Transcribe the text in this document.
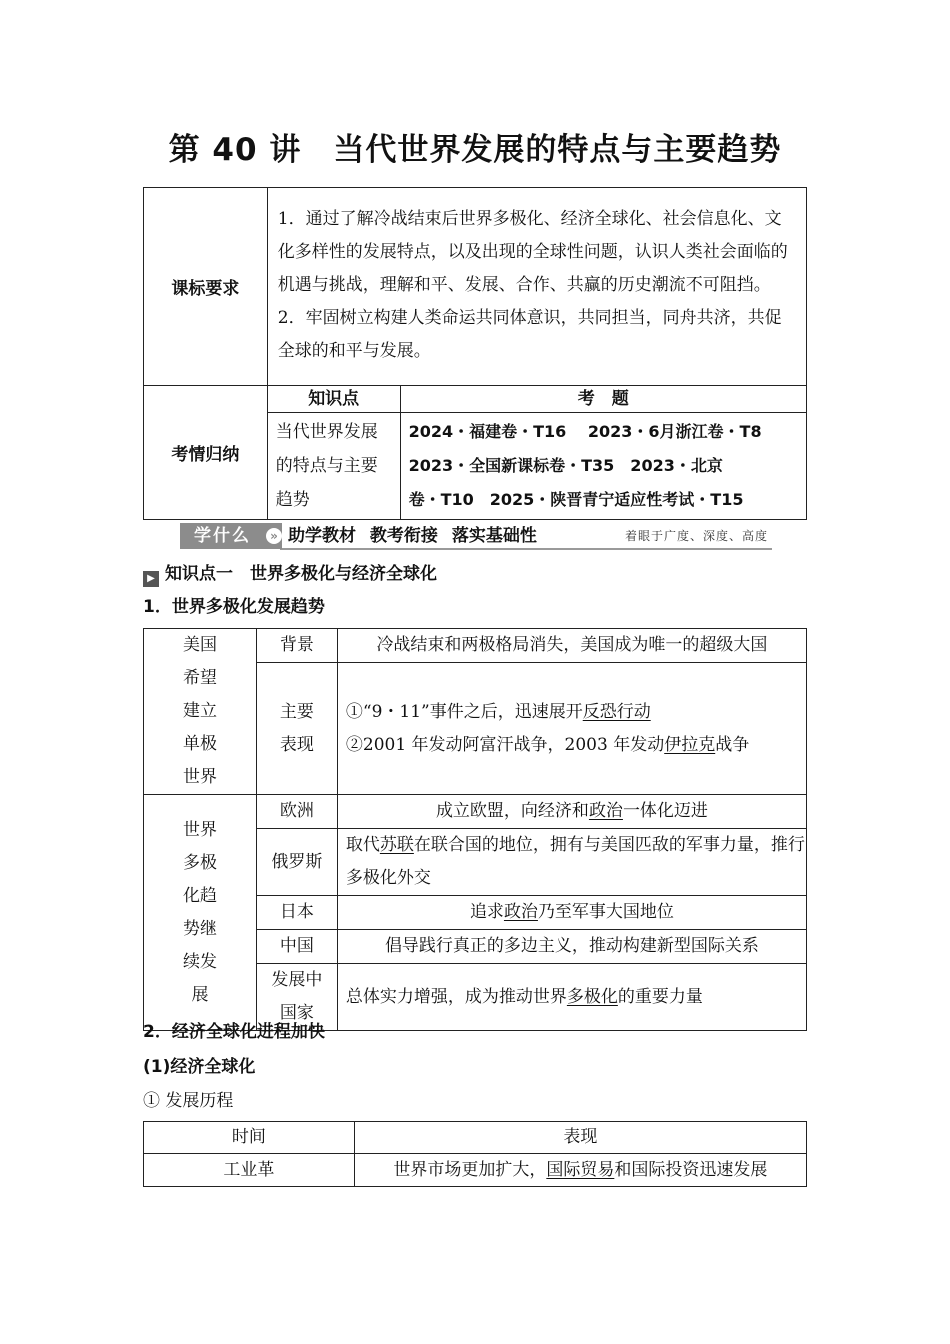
第 40 讲　当代世界发展的特点与主要趋势
课标要求	1．通过了解冷战结束后世界多极化、经济全球化、社会信息化、文化多样性的发展特点，以及出现的全球性问题，认识人类社会面临的机遇与挑战，理解和平、发展、合作、共赢的历史潮流不可阻挡。
2．牢固树立构建人类命运共同体意识，共同担当，同舟共济，共促全球的和平与发展。	

考情归纳	知识点	考　题
	当代世界发展的特点与主要趋势	2024・福建卷・T16　 2023・6月浙江卷・T8
2023・全国新课标卷・T35　2023・北京
卷・T10　2025・陕晋青宁适应性考试・T15
学什么	» 助学教材 教考衔接 落实基础性	着眼于广度、深度、高度
▶ 知识点一　世界多极化与经济全球化
1．世界多极化发展趋势
美国希望建立单极世界	背景	冷战结束和两极格局消失，美国成为唯一的超级大国
	主要表现	①“9・11”事件之后，迅速展开反恐行动
②2001 年发动阿富汗战争，2003 年发动伊拉克战争

世界多极化趋势继续发展	欧洲	成立欧盟，向经济和政治一体化迈进
	俄罗斯	取代苏联在联合国的地位，拥有与美国匹敌的军事力量，推行多极化外交
	日本	追求政治乃至军事大国地位
	中国	倡导践行真正的多边主义，推动构建新型国际关系
	发展中国家	总体实力增强，成为推动世界多极化的重要力量
2．经济全球化进程加快
(1)经济全球化
① 发展历程
时间	表现
工业革	世界市场更加扩大，国际贸易和国际投资迅速发展
